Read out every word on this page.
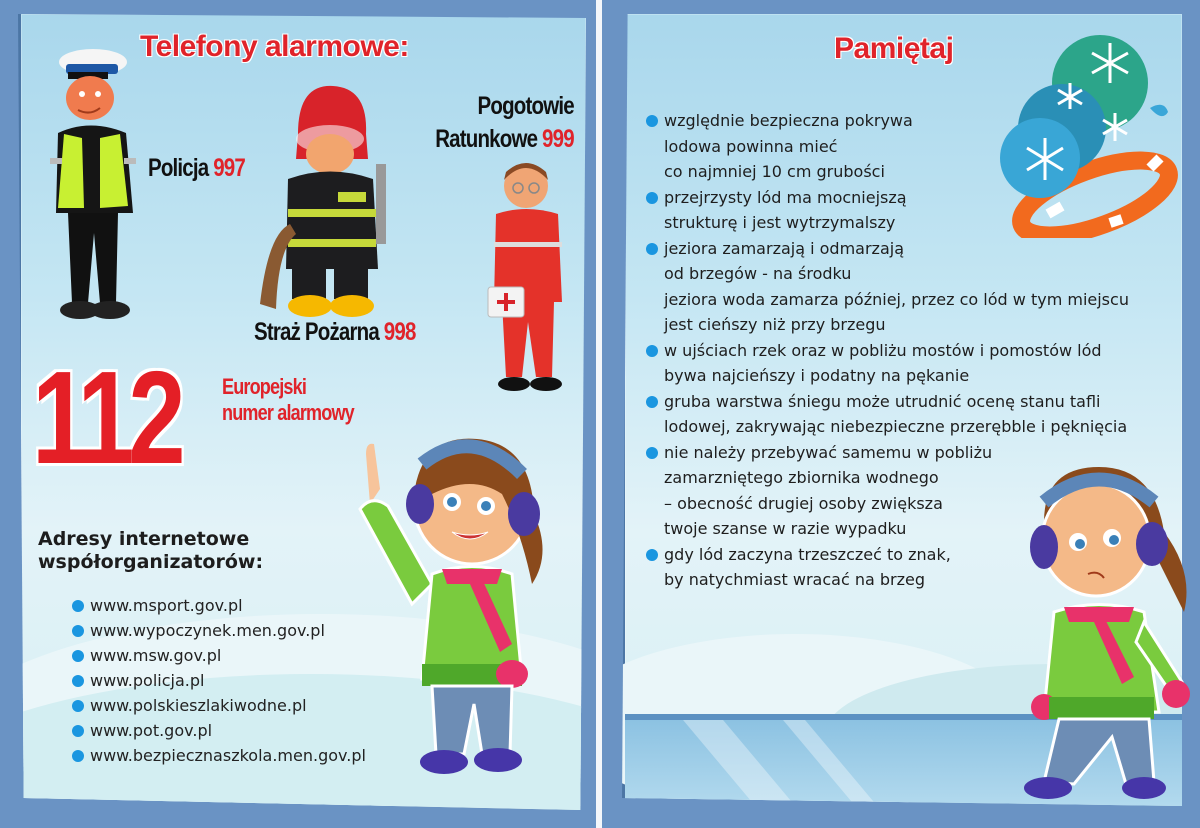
Telefony alarmowe:
Policja 997
Pogotowie
Ratunkowe 999
Straż Pożarna 998
112 Europejski
numer alarmowy
Adresy internetowe
współorganizatorów:
www.msport.gov.pl
www.wypoczynek.men.gov.pl
www.msw.gov.pl
www.policja.pl
www.polskieszlakiwodne.pl
www.pot.gov.pl
www.bezpiecznaszkola.men.gov.pl
Pamiętaj
względnie bezpieczna pokrywa
lodowa powinna mieć
co najmniej 10 cm grubości
przejrzysty lód ma mocniejszą
strukturę i jest wytrzymalszy
jeziora zamarzają i odmarzają
od brzegów - na środku
jeziora woda zamarza później, przez co lód w tym miejscu
jest cieńszy niż przy brzegu
w ujściach rzek oraz w pobliżu mostów i pomostów lód
bywa najcieńszy i podatny na pękanie
gruba warstwa śniegu może utrudnić ocenę stanu tafli
lodowej, zakrywając niebezpieczne przerębble i pęknięcia
nie należy przebywać samemu w pobliżu
zamarzniętego zbiornika wodnego
– obecność drugiej osoby zwiększa
twoje szanse w razie wypadku
gdy lód zaczyna trzeszczeć to znak,
by natychmiast wracać na brzeg
